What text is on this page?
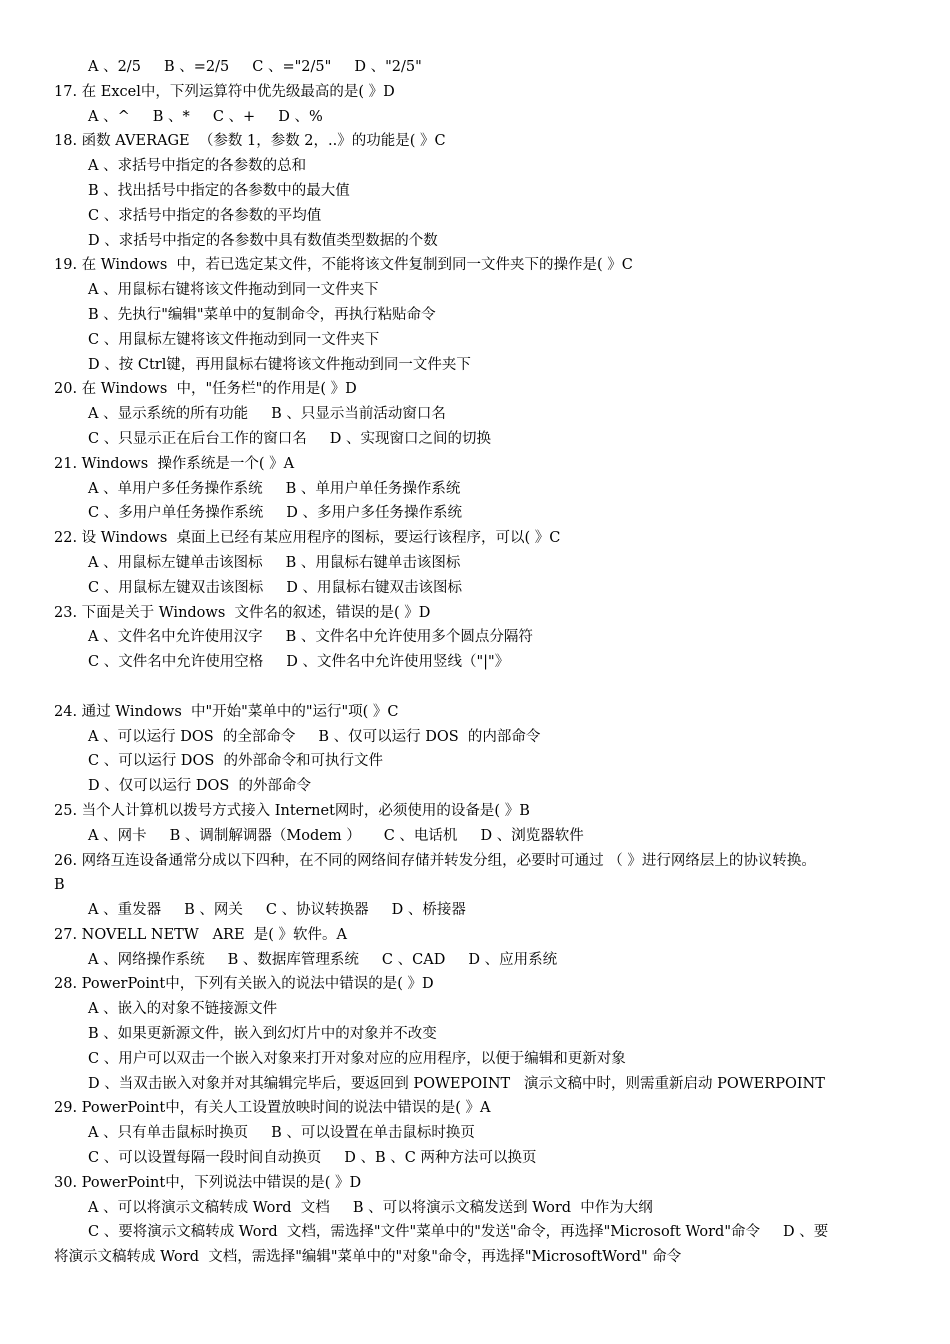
A 、2/5     B 、=2/5     C 、="2/5"     D 、"2/5"
17. 在 Excel中，下列运算符中优先级最高的是( 》D
A 、^     B 、*     C 、+     D 、%
18. 函数 AVERAGE  （参数 1，参数 2，..》的功能是( 》C
A 、求括号中指定的各参数的总和
B 、找出括号中指定的各参数中的最大值
C 、求括号中指定的各参数的平均值
D 、求括号中指定的各参数中具有数值类型数据的个数
19. 在 Windows  中，若已选定某文件，不能将该文件复制到同一文件夹下的操作是( 》C
A 、用鼠标右键将该文件拖动到同一文件夹下
B 、先执行"编辑"菜单中的复制命令，再执行粘贴命令
C 、用鼠标左键将该文件拖动到同一文件夹下
D 、按 Ctrl键，再用鼠标右键将该文件拖动到同一文件夹下
20. 在 Windows  中，"任务栏"的作用是( 》D
A 、显示系统的所有功能     B 、只显示当前活动窗口名
C 、只显示正在后台工作的窗口名     D 、实现窗口之间的切换
21. Windows  操作系统是一个( 》A
A 、单用户多任务操作系统     B 、单用户单任务操作系统
C 、多用户单任务操作系统     D 、多用户多任务操作系统
22. 设 Windows  桌面上已经有某应用程序的图标，要运行该程序，可以( 》C
A 、用鼠标左键单击该图标     B 、用鼠标右键单击该图标
C 、用鼠标左键双击该图标     D 、用鼠标右键双击该图标
23. 下面是关于 Windows  文件名的叙述，错误的是( 》D
A 、文件名中允许使用汉字     B 、文件名中允许使用多个圆点分隔符
C 、文件名中允许使用空格     D 、文件名中允许使用竖线（"|"》
24. 通过 Windows  中"开始"菜单中的"运行"项( 》C
A 、可以运行 DOS  的全部命令     B 、仅可以运行 DOS  的内部命令
C 、可以运行 DOS  的外部命令和可执行文件
D 、仅可以运行 DOS  的外部命令
25. 当个人计算机以拨号方式接入 Internet网时，必须使用的设备是( 》B
A 、网卡     B 、调制解调器（Modem ）     C 、电话机     D 、浏览器软件
26. 网络互连设备通常分成以下四种，在不同的网络间存储并转发分组，必要时可通过 （ 》进行网络层上的协议转换。
B
A 、重发器     B 、网关     C 、协议转换器     D 、桥接器
27. NOVELL NETW   ARE  是( 》软件。A
A 、网络操作系统     B 、数据库管理系统     C 、CAD     D 、应用系统
28. PowerPoint中，下列有关嵌入的说法中错误的是( 》D
A 、嵌入的对象不链接源文件
B 、如果更新源文件，嵌入到幻灯片中的对象并不改变
C 、用户可以双击一个嵌入对象来打开对象对应的应用程序，以便于编辑和更新对象
D 、当双击嵌入对象并对其编辑完毕后，要返回到 POWEPOINT   演示文稿中时，则需重新启动 POWERPOINT
29. PowerPoint中，有关人工设置放映时间的说法中错误的是( 》A
A 、只有单击鼠标时换页     B 、可以设置在单击鼠标时换页
C 、可以设置每隔一段时间自动换页     D 、B 、C 两种方法可以换页
30. PowerPoint中，下列说法中错误的是( 》D
A 、可以将演示文稿转成 Word  文档     B 、可以将演示文稿发送到 Word  中作为大纲
C 、要将演示文稿转成 Word  文档，需选择"文件"菜单中的"发送"命令，再选择"Microsoft Word"命令     D 、要
将演示文稿转成 Word  文档，需选择"编辑"菜单中的"对象"命令，再选择"MicrosoftWord" 命令
